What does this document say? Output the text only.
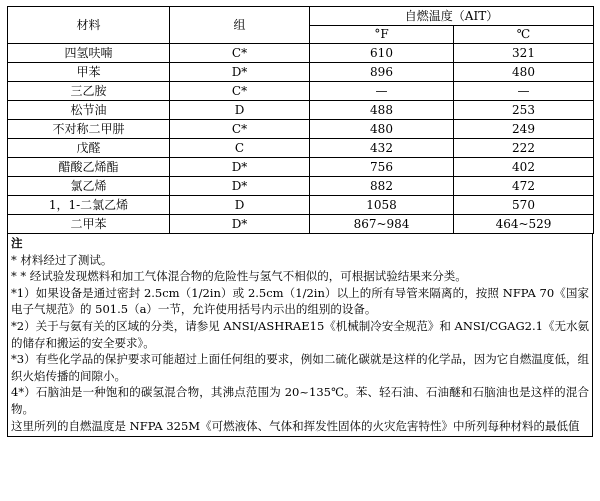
材料	组	自燃温度（AIT）	
		°F	℃
四氢呋喃	C*	610	321
甲苯	D*	896	480
三乙胺	C*	—	—
松节油	D	488	253
不对称二甲肼	C*	480	249
戊醛	C	432	222
醋酸乙烯酯	D*	756	402
氯乙烯	D*	882	472
1，1-二氯乙烯	D	1058	570
二甲苯	D*	867~984	464~529

注

* 材料经过了测试。

* * 经试验发现燃料和加工气体混合物的危险性与氢气不相似的，可根据试验结果来分类。

*1）如果设备是通过密封 2.5cm（1/2in）或 2.5cm（1/2in）以上的所有导管来隔离的，按照 NFPA 70《国家电子气规范》的 501.5（a）一节，允许使用括号内示出的组别的设备。

*2）关于与氨有关的区域的分类，请参见 ANSI/ASHRAE15《机械制冷安全规范》和 ANSI/CGAG2.1《无水氨的储存和搬运的安全要求》。

*3）有些化学品的保护要求可能超过上面任何组的要求，例如二硫化碳就是这样的化学品，因为它自燃温度低，组织火焰传播的间隙小。

4*）石脑油是一种饱和的碳氢混合物，其沸点范围为 20~135℃。苯、轻石油、石油醚和石脑油也是这样的混合物。

这里所列的自燃温度是 NFPA 325M《可燃液体、气体和挥发性固体的火灾危害特性》中所列每种材料的最低值
